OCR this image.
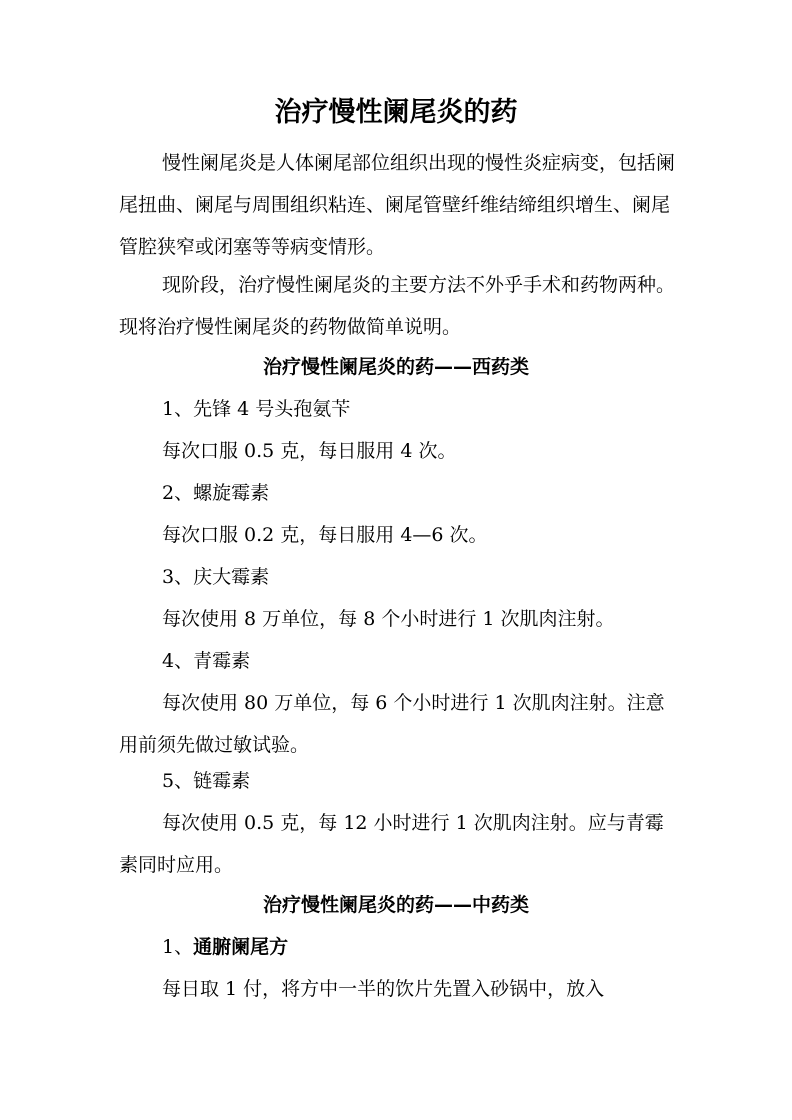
治疗慢性阑尾炎的药

慢性阑尾炎是人体阑尾部位组织出现的慢性炎症病变，包括阑尾扭曲、阑尾与周围组织粘连、阑尾管壁纤维结缔组织增生、阑尾管腔狭窄或闭塞等等病变情形。

现阶段，治疗慢性阑尾炎的主要方法不外乎手术和药物两种。现将治疗慢性阑尾炎的药物做简单说明。

治疗慢性阑尾炎的药——西药类

1、先锋 4 号头孢氨苄

每次口服 0.5 克，每日服用 4 次。

2、螺旋霉素

每次口服 0.2 克，每日服用 4—6 次。

3、庆大霉素

每次使用 8 万单位，每 8 个小时进行 1 次肌肉注射。

4、青霉素

每次使用 80 万单位，每 6 个小时进行 1 次肌肉注射。注意用前须先做过敏试验。

5、链霉素

每次使用 0.5 克，每 12 小时进行 1 次肌肉注射。应与青霉素同时应用。

治疗慢性阑尾炎的药——中药类

1、通腑阑尾方

每日取 1 付，将方中一半的饮片先置入砂锅中，放入
